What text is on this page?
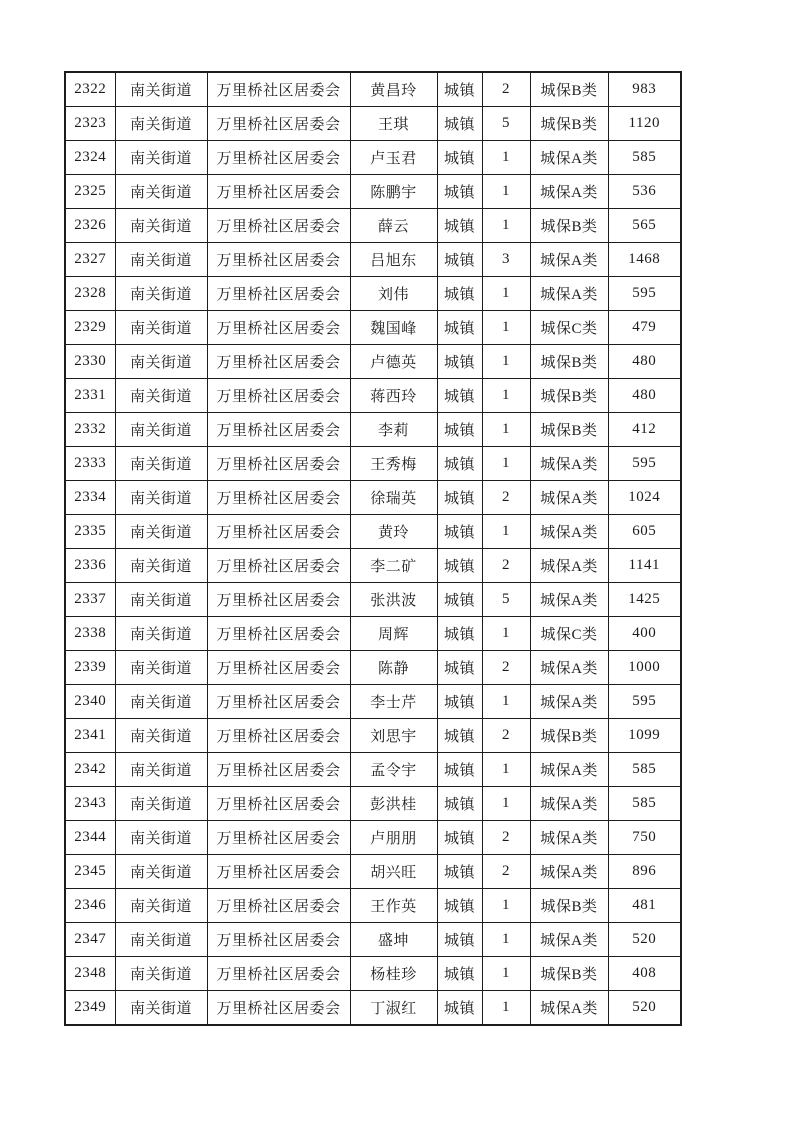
2322	南关街道	万里桥社区居委会	黄昌玲	城镇	2	城保B类	983
2323	南关街道	万里桥社区居委会	王琪	城镇	5	城保B类	1120
2324	南关街道	万里桥社区居委会	卢玉君	城镇	1	城保A类	585
2325	南关街道	万里桥社区居委会	陈鹏宇	城镇	1	城保A类	536
2326	南关街道	万里桥社区居委会	薛云	城镇	1	城保B类	565
2327	南关街道	万里桥社区居委会	吕旭东	城镇	3	城保A类	1468
2328	南关街道	万里桥社区居委会	刘伟	城镇	1	城保A类	595
2329	南关街道	万里桥社区居委会	魏国峰	城镇	1	城保C类	479
2330	南关街道	万里桥社区居委会	卢德英	城镇	1	城保B类	480
2331	南关街道	万里桥社区居委会	蒋西玲	城镇	1	城保B类	480
2332	南关街道	万里桥社区居委会	李莉	城镇	1	城保B类	412
2333	南关街道	万里桥社区居委会	王秀梅	城镇	1	城保A类	595
2334	南关街道	万里桥社区居委会	徐瑞英	城镇	2	城保A类	1024
2335	南关街道	万里桥社区居委会	黄玲	城镇	1	城保A类	605
2336	南关街道	万里桥社区居委会	李二矿	城镇	2	城保A类	1141
2337	南关街道	万里桥社区居委会	张洪波	城镇	5	城保A类	1425
2338	南关街道	万里桥社区居委会	周辉	城镇	1	城保C类	400
2339	南关街道	万里桥社区居委会	陈静	城镇	2	城保A类	1000
2340	南关街道	万里桥社区居委会	李士芹	城镇	1	城保A类	595
2341	南关街道	万里桥社区居委会	刘思宇	城镇	2	城保B类	1099
2342	南关街道	万里桥社区居委会	孟令宇	城镇	1	城保A类	585
2343	南关街道	万里桥社区居委会	彭洪桂	城镇	1	城保A类	585
2344	南关街道	万里桥社区居委会	卢朋朋	城镇	2	城保A类	750
2345	南关街道	万里桥社区居委会	胡兴旺	城镇	2	城保A类	896
2346	南关街道	万里桥社区居委会	王作英	城镇	1	城保B类	481
2347	南关街道	万里桥社区居委会	盛坤	城镇	1	城保A类	520
2348	南关街道	万里桥社区居委会	杨桂珍	城镇	1	城保B类	408
2349	南关街道	万里桥社区居委会	丁淑红	城镇	1	城保A类	520
